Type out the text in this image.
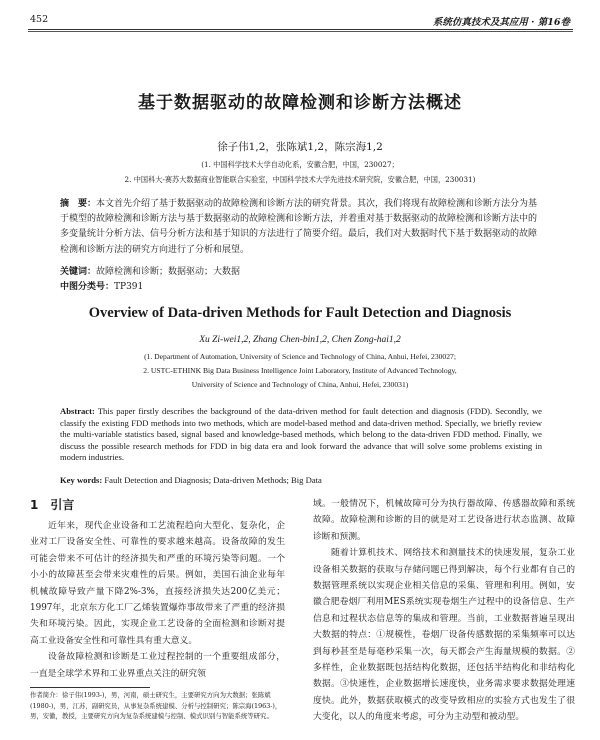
452	系统仿真技术及其应用 · 第16卷
基于数据驱动的故障检测和诊断方法概述
徐子伟1,2，张陈斌1,2，陈宗海1,2
(1. 中国科学技术大学自动化系，安徽合肥，中国，230027；
2. 中国科大-赛苏大数据商业智能联合实验室，中国科学技术大学先进技术研究院，安徽合肥，中国，230031)
摘　要：本文首先介绍了基于数据驱动的故障检测和诊断方法的研究背景。其次，我们将现有故障检测和诊断方法分为基于模型的故障检测和诊断方法与基于数据驱动的故障检测和诊断方法，并着重对基于数据驱动的故障检测和诊断方法中的多变量统计分析方法、信号分析方法和基于知识的方法进行了简要介绍。最后，我们对大数据时代下基于数据驱动的故障检测和诊断方法的研究方向进行了分析和展望。
关键词：故障检测和诊断；数据驱动；大数据
中图分类号：TP391
Overview of Data-driven Methods for Fault Detection and Diagnosis
Xu Zi-wei1,2, Zhang Chen-bin1,2, Chen Zong-hai1,2
(1. Department of Automation, University of Science and Technology of China, Anhui, Hefei, 230027;
2. USTC-ETHINK Big Data Business Intelligence Joint Laboratory, Institute of Advanced Technology,
University of Science and Technology of China, Anhui, Hefei, 230031)
Abstract: This paper firstly describes the background of the data-driven method for fault detection and diagnosis (FDD). Secondly, we classify the existing FDD methods into two methods, which are model-based method and data-driven method. Specially, we briefly review the multi-variable statistics based, signal based and knowledge-based methods, which belong to the data-driven FDD method. Finally, we discuss the possible research methods for FDD in big data era and look forward the advance that will solve some problems existing in modern industries.
Key words: Fault Detection and Diagnosis; Data-driven Methods; Big Data
1　引言

近年来，现代企业设备和工艺流程趋向大型化、复杂化，企业对工厂设备安全性、可靠性的要求越来越高。设备故障的发生可能会带来不可估计的经济损失和严重的环境污染等问题。一个小小的故障甚至会带来灾难性的后果。例如，美国石油企业每年机械故障导致产量下降2%-3%，直接经济损失达200亿美元；1997年，北京东方化工厂乙烯装置爆炸事故带来了严重的经济损失和环境污染。因此，实现企业工艺设备的全面检测和诊断对提高工业设备安全性和可靠性具有重大意义。

设备故障检测和诊断是工业过程控制的一个重要组成部分，一直是全球学术界和工业界重点关注的研究领

作者简介：徐子伟(1993-)，男，河南，硕士研究生，主要研究方向为大数据；张陈斌(1980-)，男，江苏，副研究员，从事复杂系统建模、分析与控制研究；陈宗海(1963-)，男，安徽，教授，主要研究方向为复杂系统建模与控制、模式识别与智能系统等研究。

域。一般情况下，机械故障可分为执行器故障、传感器故障和系统故障。故障检测和诊断的目的就是对工艺设备进行状态监测、故障诊断和预测。

随着计算机技术、网络技术和测量技术的快速发展，复杂工业设备相关数据的获取与存储问题已得到解决，每个行业都有自己的数据管理系统以实现企业相关信息的采集、管理和利用。例如，安徽合肥卷烟厂利用MES系统实现卷烟生产过程中的设备信息、生产信息和过程状态信息等的集成和管理。当前，工业数据普遍呈现出大数据的特点：①规模性，卷烟厂设备传感数据的采集频率可以达到每秒甚至是每毫秒采集一次，每天都会产生海量规模的数据。②多样性，企业数据既包括结构化数据，还包括半结构化和非结构化数据。③快速性，企业数据增长速度快，业务需求要求数据处理速度快。此外，数据获取模式的改变导致相应的实验方式也发生了很大变化，以人的角度来考虑，可分为主动型和被动型。
